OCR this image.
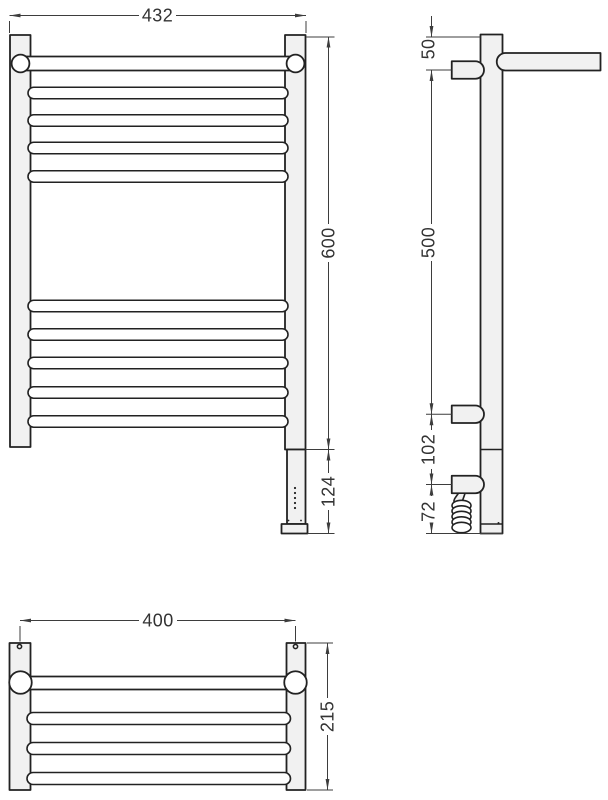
432
600
124
50
500
102
72
400
215
